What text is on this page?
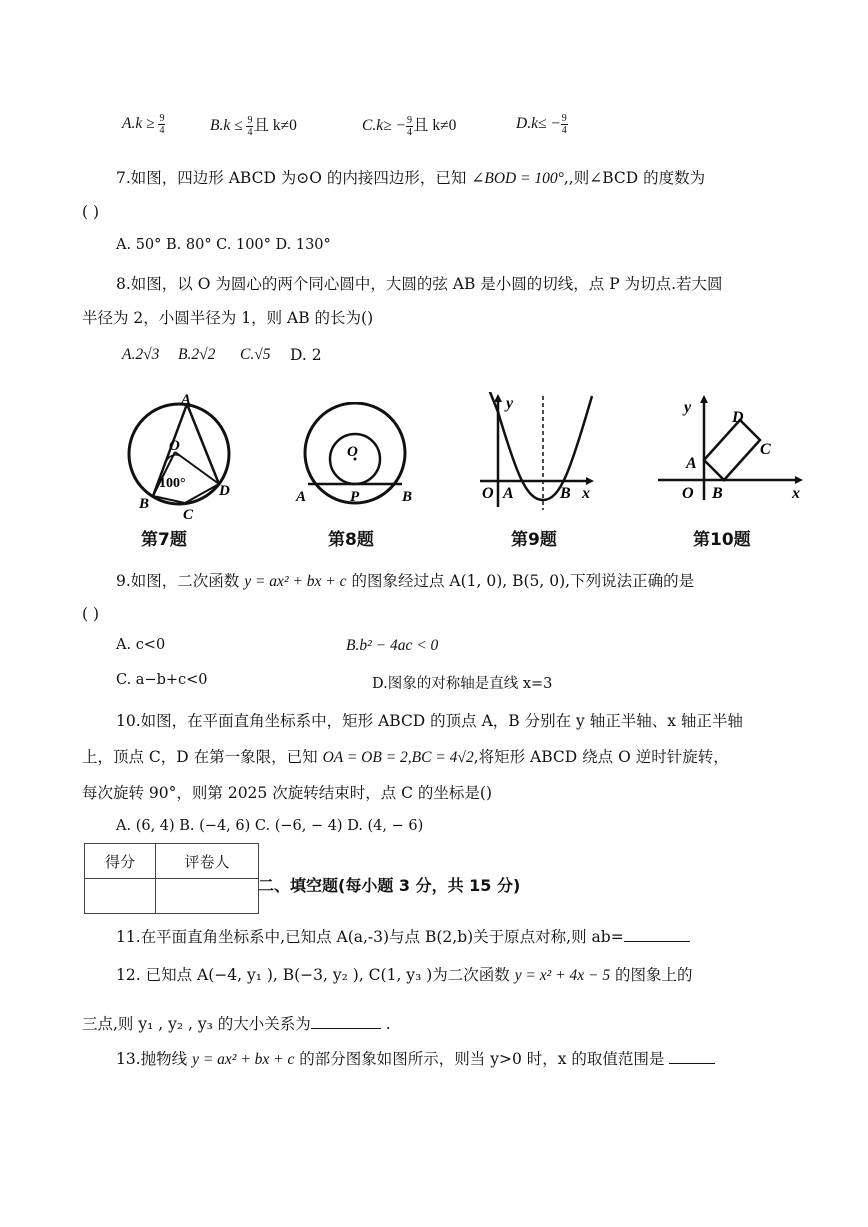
$A.k \ge \frac{9}{4}$	$B.k \le \frac{9}{4}$ 且 k≠0	$C.k\ge - \frac{9}{4}$ 且 k≠0	$D.k\le - \frac{9}{4}$
7.如图，四边形 ABCD 为⊙O 的内接四边形，已知 ∠BOD = 100°,,则∠BCD 的度数为
( )
A. 50° B. 80° C. 100° D. 130°
8.如图，以 O 为圆心的两个同心圆中，大圆的弦 AB 是小圆的切线，点 P 为切点.若大圆
半径为 2，小圆半径为 1，则 AB 的长为()
A.2√3 B.2√2 C.√5 D. 2
A
O
100°
B
D
C
第7题
O
A	P	B
第8题
y
O A	B x
第9题
y
D
C
A
O B	x
第10题
9.如图，二次函数 y = ax² + bx + c 的图象经过点 A(1, 0), B(5, 0),下列说法正确的是
( )
A. c<0	B.b² − 4ac < 0
C. a−b+c<0	D.图象的对称轴是直线 x=3
10.如图，在平面直角坐标系中，矩形 ABCD 的顶点 A，B 分别在 y 轴正半轴、x 轴正半轴
上，顶点 C，D 在第一象限，已知 OA = OB = 2,BC = 4√2,将矩形 ABCD 绕点 O 逆时针旋转，
每次旋转 90°，则第 2025 次旋转结束时，点 C 的坐标是()
A. (6, 4) B. (−4, 6) C. (−6, − 4) D. (4, − 6)
得分	评卷人

二、填空题(每小题 3 分，共 15 分)
11.在平面直角坐标系中,已知点 A(a,-3)与点 B(2,b)关于原点对称,则 ab=
12. 已知点 A(−4, y₁ ), B(−3, y₂ ), C(1, y₃ )为二次函数 y = x² + 4x − 5 的图象上的
三点,则 y₁ , y₂ , y₃ 的大小关系为	.
13.抛物线 y = ax² + bx + c 的部分图象如图所示，则当 y>0 时，x 的取值范围是
